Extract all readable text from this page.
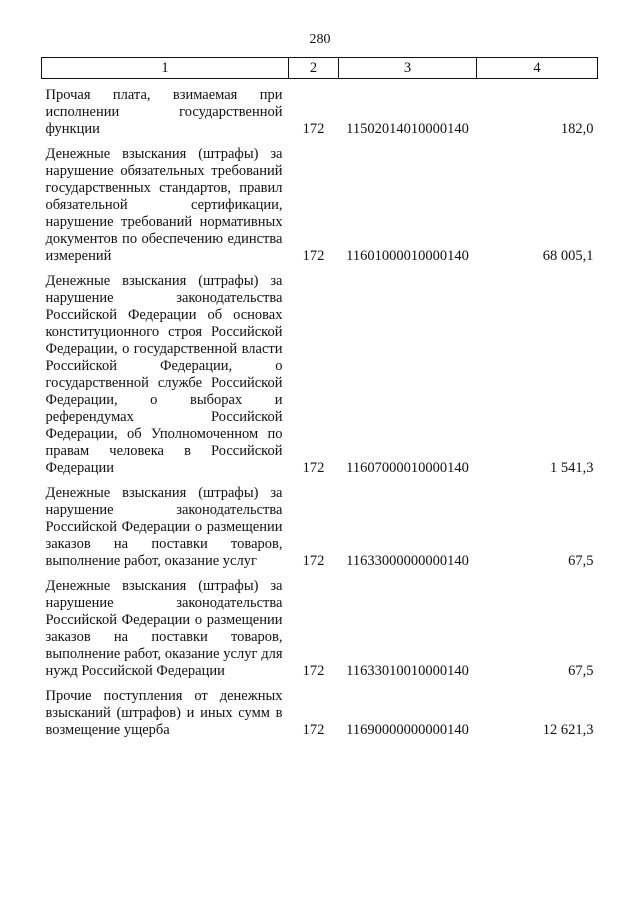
280
1	2	3	4
Прочая плата, взимаемая при исполнении государственной функции	172	11502014010000140	182,0
Денежные взыскания (штрафы) за нарушение обязательных требований государственных стандартов, правил обязательной сертификации, нарушение требований нормативных документов по обеспечению единства измерений	172	11601000010000140	68 005,1
Денежные взыскания (штрафы) за нарушение законодательства Российской Федерации об основах конституционного строя Российской Федерации, о государственной власти Российской Федерации, о государственной службе Российской Федерации, о выборах и референдумах Российской Федерации, об Уполномоченном по правам человека в Российской Федерации	172	11607000010000140	1 541,3
Денежные взыскания (штрафы) за нарушение законодательства Российской Федерации о размещении заказов на поставки товаров, выполнение работ, оказание услуг	172	11633000000000140	67,5
Денежные взыскания (штрафы) за нарушение законодательства Российской Федерации о размещении заказов на поставки товаров, выполнение работ, оказание услуг для нужд Российской Федерации	172	11633010010000140	67,5
Прочие поступления от денежных взысканий (штрафов) и иных сумм в возмещение ущерба	172	11690000000000140	12 621,3
